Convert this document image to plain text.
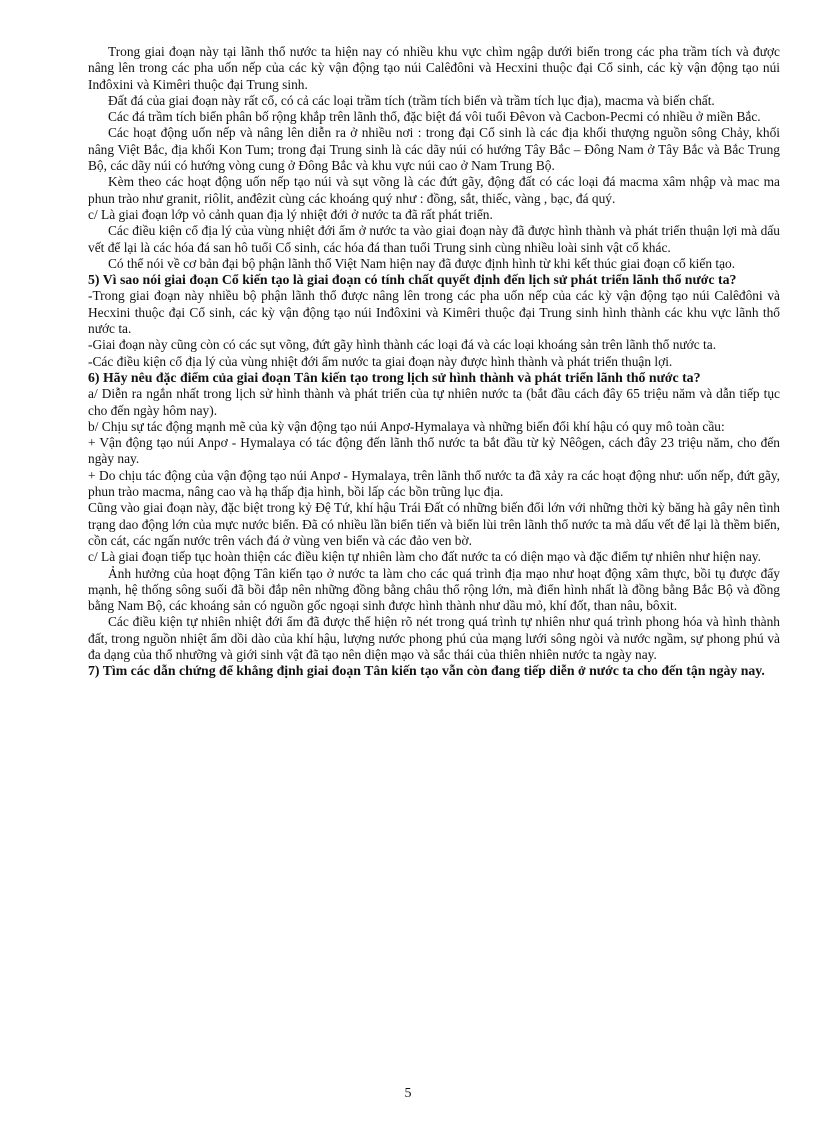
Trong giai đoạn này tại lãnh thổ nước ta hiện nay có nhiều khu vực chìm ngập dưới biển trong các pha trầm tích và được nâng lên trong các pha uốn nếp của các kỳ vận động tạo núi Calêđôni và Hecxini thuộc đại Cổ sinh, các kỳ vận động tạo núi Inđôxini và Kimêri thuộc đại Trung sinh.

Đất đá của giai đoạn này rất cổ, có cả các loại trầm tích (trầm tích biển và trầm tích lục địa), macma và biến chất.

Các đá trầm tích biển phân bố rộng khắp trên lãnh thổ, đặc biệt đá vôi tuổi Đêvon và Cacbon-Pecmi có nhiều ở miền Bắc.

Các hoạt động uốn nếp và nâng lên diễn ra ở nhiều nơi : trong đại Cổ sinh là các địa khối thượng nguồn sông Chảy, khối nâng Việt Bắc, địa khối Kon Tum; trong đại Trung sinh là các dãy núi có hướng Tây Bắc – Đông Nam ở Tây Bắc và Bắc Trung Bộ, các dãy núi có hướng vòng cung ở Đông Bắc và khu vực núi cao ở Nam Trung Bộ.

Kèm theo các hoạt động uốn nếp tạo núi và sụt võng là các đứt gãy, động đất có các loại đá macma xâm nhập và mac ma phun trào như granit, riôlit, anđêzit cùng các khoáng quý như : đồng, sắt, thiếc, vàng , bạc, đá quý.

c/ Là giai đoạn lớp vỏ cảnh quan địa lý nhiệt đới ở nước ta đã rất phát triển.

Các điều kiện cổ địa lý của vùng nhiệt đới ẩm ở nước ta vào giai đoạn này đã được hình thành và phát triển thuận lợi mà dấu vết để lại là các hóa đá san hô tuổi Cổ sinh, các hóa đá than tuổi Trung sinh cùng nhiều loài sinh vật cổ khác.

Có thể nói về cơ bản đại bộ phận lãnh thổ Việt Nam hiện nay đã được định hình từ khi kết thúc giai đoạn cổ kiến tạo.

5) Vì sao nói giai đoạn Cổ kiến tạo là giai đoạn có tính chất quyết định đến lịch sử phát triển lãnh thổ nước ta?

-Trong giai đoạn này nhiều bộ phận lãnh thổ được nâng lên trong các pha uốn nếp của các kỳ vận động tạo núi Calêđôni và Hecxini thuộc đại Cổ sinh, các kỳ vận động tạo núi Inđôxini và Kimêri thuộc đại Trung sinh hình thành các khu vực lãnh thổ nước ta.

-Giai đoạn này cũng còn có các sụt võng, đứt gãy hình thành các loại đá và các loại khoáng sản trên lãnh thổ nước ta.

-Các điều kiện cổ địa lý của vùng nhiệt đới ẩm nước ta giai đoạn này được hình thành và phát triển thuận lợi.

6) Hãy nêu đặc điểm của giai đoạn Tân kiến tạo trong lịch sử hình thành và phát triển lãnh thổ nước ta?

a/ Diễn ra ngắn nhất trong lịch sử hình thành và phát triển của tự nhiên nước ta (bắt đầu cách đây 65 triệu năm và dẫn tiếp tục cho đến ngày hôm nay).

b/ Chịu sự tác động mạnh mẽ của kỳ vận động tạo núi Anpơ-Hymalaya và những biến đổi khí hậu có quy mô toàn cầu:

+ Vận động tạo núi Anpơ - Hymalaya có tác động đến lãnh thổ nước ta bắt đầu từ kỷ Nêôgen, cách đây 23 triệu năm, cho đến ngày nay.

+ Do chịu tác động của vận động tạo núi Anpơ - Hymalaya, trên lãnh thổ nước ta đã xảy ra các hoạt động như: uốn nếp, đứt gãy, phun trào macma, nâng cao và hạ thấp địa hình, bồi lấp các bồn trũng lục địa.

Cũng vào giai đoạn này, đặc biệt trong kỷ Đệ Tứ, khí hậu Trái Đất có những biến đổi lớn với những thời kỳ băng hà gây nên tình trạng dao động lớn của mực nước biển. Đã có nhiều lần biển tiến và biển lùi trên lãnh thổ nước ta mà dấu vết để lại là thềm biển, cồn cát, các ngấn nước trên vách đá ở vùng ven biển và các đảo ven bờ.

c/ Là giai đoạn tiếp tục hoàn thiện các điều kiện tự nhiên làm cho đất nước ta có diện mạo và đặc điểm tự nhiên như hiện nay.

Ảnh hưởng của hoạt động Tân kiến tạo ở nước ta làm cho các quá trình địa mạo như hoạt động xâm thực, bồi tụ được đẩy mạnh, hệ thống sông suối đã bồi đắp nên những đồng bằng châu thổ rộng lớn, mà điển hình nhất là đồng bằng Bắc Bộ và đồng bằng Nam Bộ, các khoáng sản có nguồn gốc ngoại sinh được hình thành như dầu mỏ, khí đốt, than nâu, bôxit.

Các điều kiện tự nhiên nhiệt đới ẩm đã được thể hiện rõ nét trong quá trình tự nhiên như quá trình phong hóa và hình thành đất, trong nguồn nhiệt ẩm dồi dào của khí hậu, lượng nước phong phú của mạng lưới sông ngòi và nước ngầm, sự phong phú và đa dạng của thổ nhưỡng và giới sinh vật đã tạo nên diện mạo và sắc thái của thiên nhiên nước ta ngày nay.

7) Tìm các dẫn chứng để khẳng định giai đoạn Tân kiến tạo vẫn còn đang tiếp diễn ở nước ta cho đến tận ngày nay.

5
